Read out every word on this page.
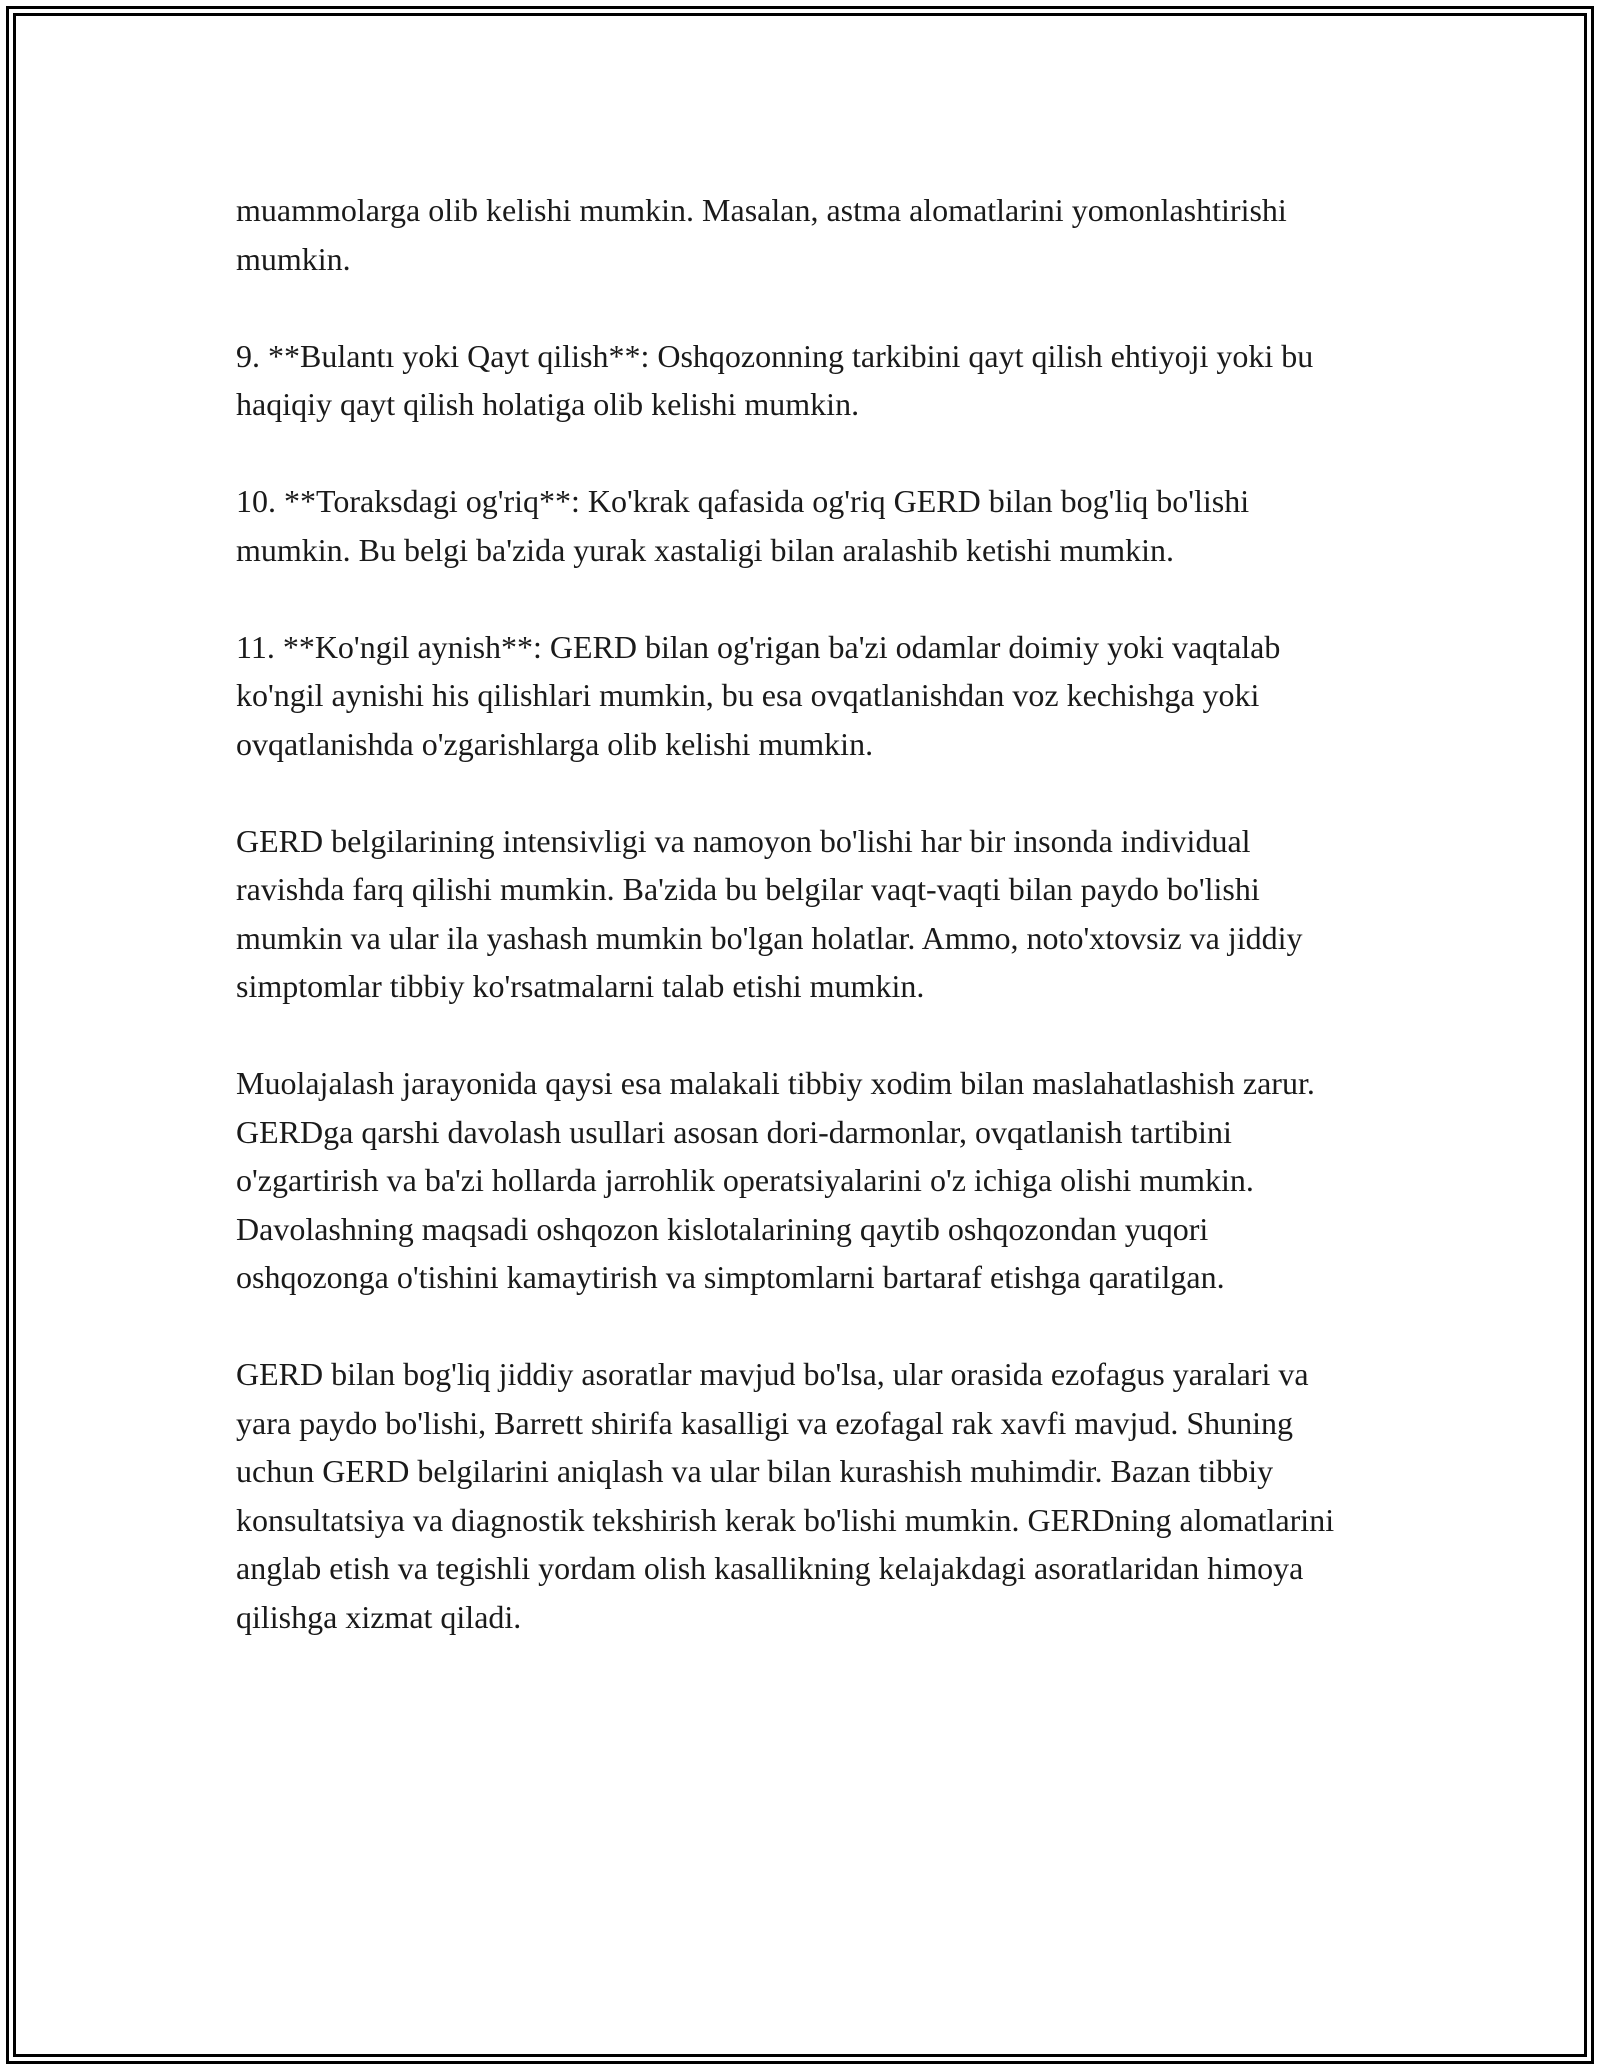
muammolarga olib kelishi mumkin. Masalan, astma alomatlarini yomonlashtirishi mumkin.

9. **Bulantı yoki Qayt qilish**: Oshqozonning tarkibini qayt qilish ehtiyoji yoki bu haqiqiy qayt qilish holatiga olib kelishi mumkin.

10. **Toraksdagi og'riq**: Ko'krak qafasida og'riq GERD bilan bog'liq bo'lishi mumkin. Bu belgi ba'zida yurak xastaligi bilan aralashib ketishi mumkin.

11. **Ko'ngil aynish**: GERD bilan og'rigan ba'zi odamlar doimiy yoki vaqtalab ko'ngil aynishi his qilishlari mumkin, bu esa ovqatlanishdan voz kechishga yoki ovqatlanishda o'zgarishlarga olib kelishi mumkin.

GERD belgilarining intensivligi va namoyon bo'lishi har bir insonda individual ravishda farq qilishi mumkin. Ba'zida bu belgilar vaqt-vaqti bilan paydo bo'lishi mumkin va ular ila yashash mumkin bo'lgan holatlar. Ammo, noto'xtovsiz va jiddiy simptomlar tibbiy ko'rsatmalarni talab etishi mumkin.

Muolajalash jarayonida qaysi esa malakali tibbiy xodim bilan maslahatlashish zarur. GERDga qarshi davolash usullari asosan dori-darmonlar, ovqatlanish tartibini o'zgartirish va ba'zi hollarda jarrohlik operatsiyalarini o'z ichiga olishi mumkin. Davolashning maqsadi oshqozon kislotalarining qaytib oshqozondan yuqori oshqozonga o'tishini kamaytirish va simptomlarni bartaraf etishga qaratilgan.

GERD bilan bog'liq jiddiy asoratlar mavjud bo'lsa, ular orasida ezofagus yaralari va yara paydo bo'lishi, Barrett shirifa kasalligi va ezofagal rak xavfi mavjud. Shuning uchun GERD belgilarini aniqlash va ular bilan kurashish muhimdir. Bazan tibbiy konsultatsiya va diagnostik tekshirish kerak bo'lishi mumkin. GERDning alomatlarini anglab etish va tegishli yordam olish kasallikning kelajakdagi asoratlaridan himoya qilishga xizmat qiladi.
